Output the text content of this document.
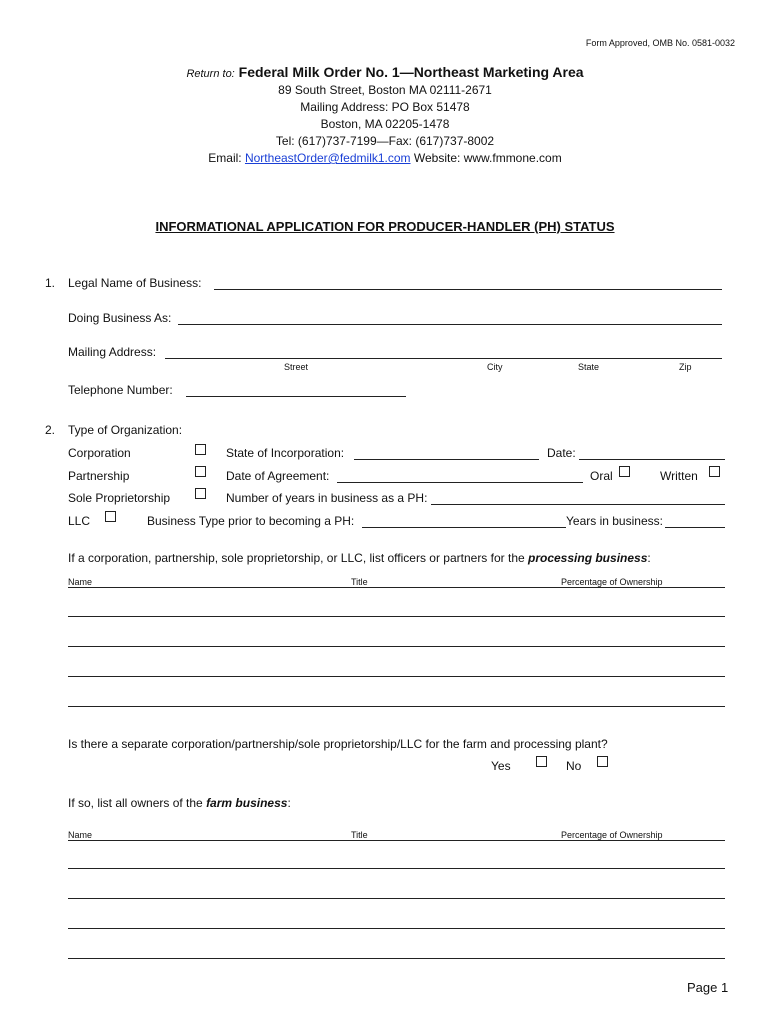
Form Approved, OMB No. 0581-0032
Return to: Federal Milk Order No. 1—Northeast Marketing Area
89 South Street, Boston MA 02111-2671
Mailing Address: PO Box 51478
Boston, MA 02205-1478
Tel: (617)737-7199—Fax: (617)737-8002
Email: NortheastOrder@fedmilk1.com Website: www.fmmone.com
INFORMATIONAL APPLICATION FOR PRODUCER-HANDLER (PH) STATUS
1. Legal Name of Business:
Doing Business As:
Mailing Address:
Street	City	State	Zip
Telephone Number:
2. Type of Organization:
Corporation	State of Incorporation:	Date:
Partnership	Date of Agreement:	Oral	Written
Sole Proprietorship	Number of years in business as a PH:
LLC	Business Type prior to becoming a PH:	Years in business:
If a corporation, partnership, sole proprietorship, or LLC, list officers or partners for the processing business:
Name	Title	Percentage of Ownership
Is there a separate corporation/partnership/sole proprietorship/LLC for the farm and processing plant?
Yes	No
If so, list all owners of the farm business:
Name	Title	Percentage of Ownership
Page 1
